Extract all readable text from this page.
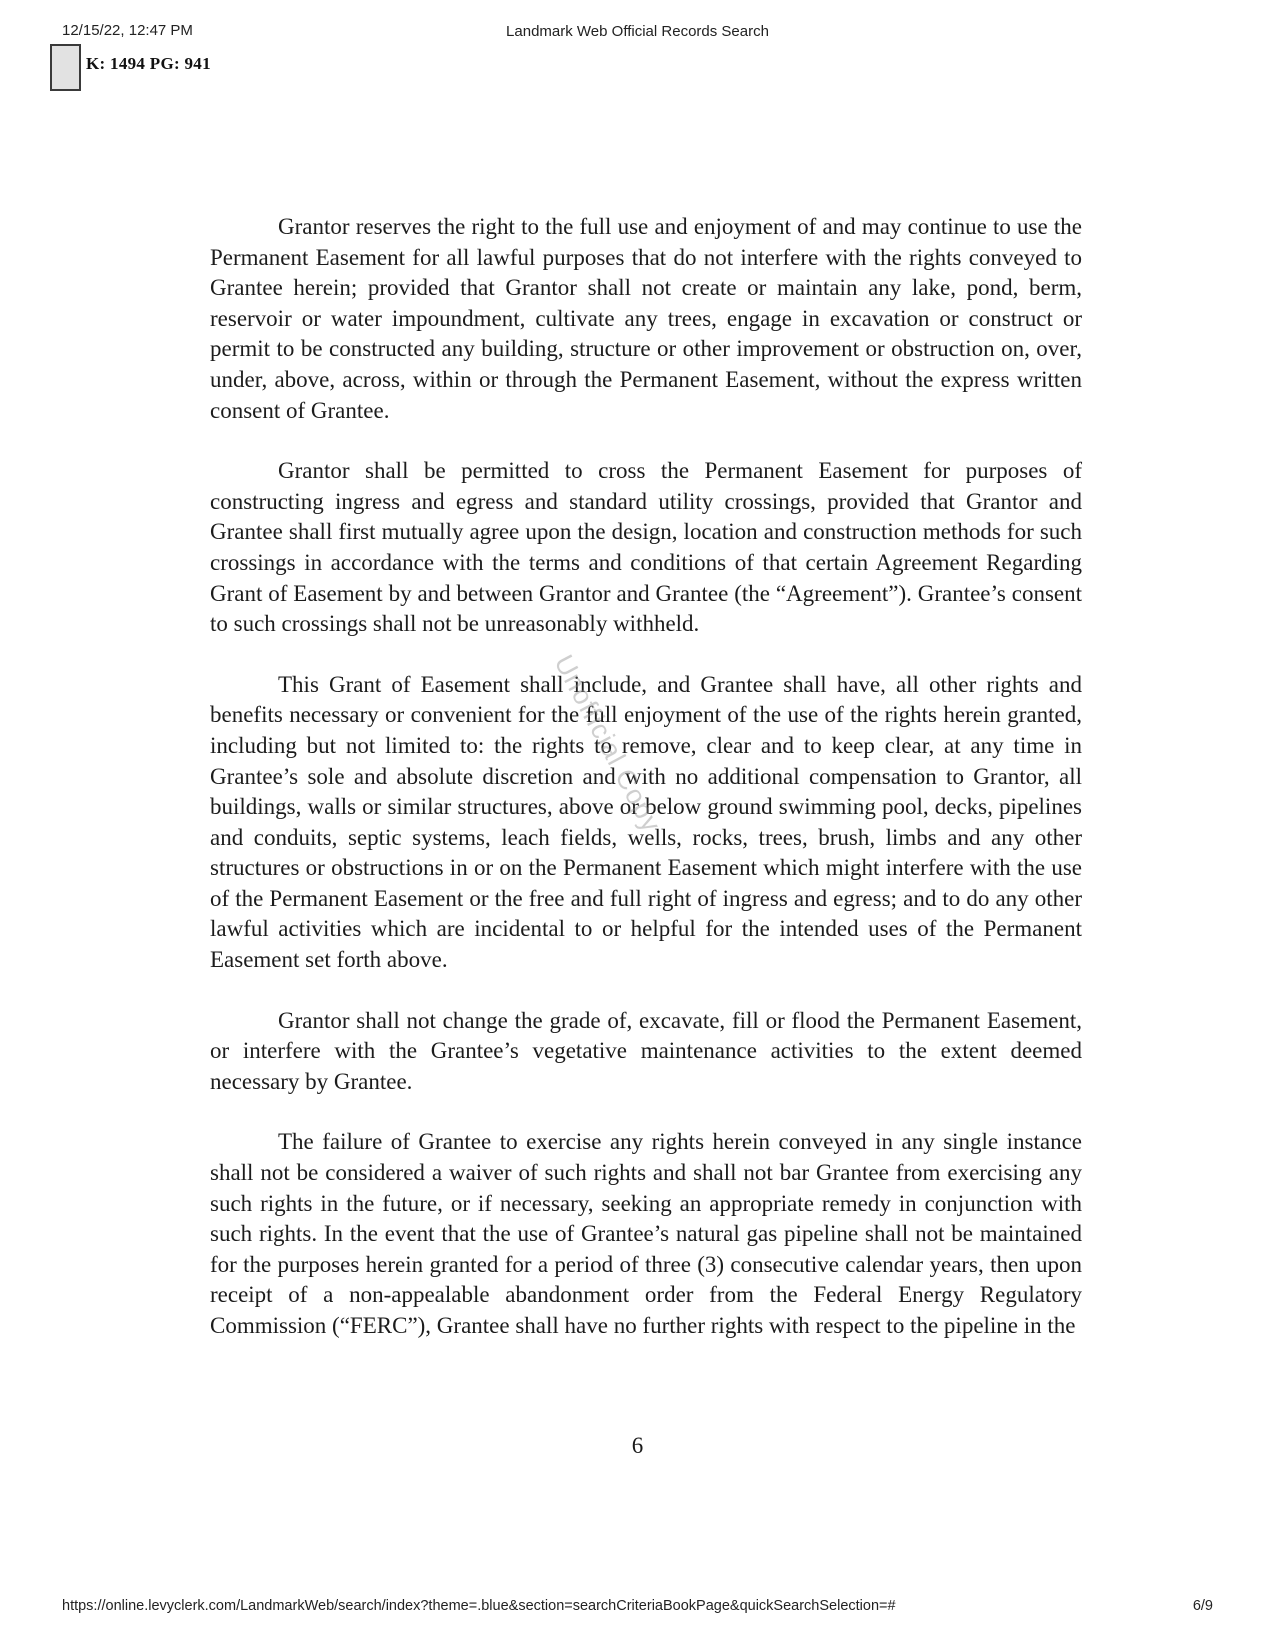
12/15/22, 12:47 PM	Landmark Web Official Records Search
K: 1494 PG: 941

Grantor reserves the right to the full use and enjoyment of and may continue to use the Permanent Easement for all lawful purposes that do not interfere with the rights conveyed to Grantee herein; provided that Grantor shall not create or maintain any lake, pond, berm, reservoir or water impoundment, cultivate any trees, engage in excavation or construct or permit to be constructed any building, structure or other improvement or obstruction on, over, under, above, across, within or through the Permanent Easement, without the express written consent of Grantee.

Grantor shall be permitted to cross the Permanent Easement for purposes of constructing ingress and egress and standard utility crossings, provided that Grantor and Grantee shall first mutually agree upon the design, location and construction methods for such crossings in accordance with the terms and conditions of that certain Agreement Regarding Grant of Easement by and between Grantor and Grantee (the “Agreement”). Grantee’s consent to such crossings shall not be unreasonably withheld.

This Grant of Easement shall include, and Grantee shall have, all other rights and benefits necessary or convenient for the full enjoyment of the use of the rights herein granted, including but not limited to: the rights to remove, clear and to keep clear, at any time in Grantee’s sole and absolute discretion and with no additional compensation to Grantor, all buildings, walls or similar structures, above or below ground swimming pool, decks, pipelines and conduits, septic systems, leach fields, wells, rocks, trees, brush, limbs and any other structures or obstructions in or on the Permanent Easement which might interfere with the use of the Permanent Easement or the free and full right of ingress and egress; and to do any other lawful activities which are incidental to or helpful for the intended uses of the Permanent Easement set forth above.

Grantor shall not change the grade of, excavate, fill or flood the Permanent Easement, or interfere with the Grantee’s vegetative maintenance activities to the extent deemed necessary by Grantee.

The failure of Grantee to exercise any rights herein conveyed in any single instance shall not be considered a waiver of such rights and shall not bar Grantee from exercising any such rights in the future, or if necessary, seeking an appropriate remedy in conjunction with such rights. In the event that the use of Grantee’s natural gas pipeline shall not be maintained for the purposes herein granted for a period of three (3) consecutive calendar years, then upon receipt of a non-appealable abandonment order from the Federal Energy Regulatory Commission (“FERC”), Grantee shall have no further rights with respect to the pipeline in the

Unofficial Copy
6
https://online.levyclerk.com/LandmarkWeb/search/index?theme=.blue&section=searchCriteriaBookPage&quickSearchSelection=#	6/9
